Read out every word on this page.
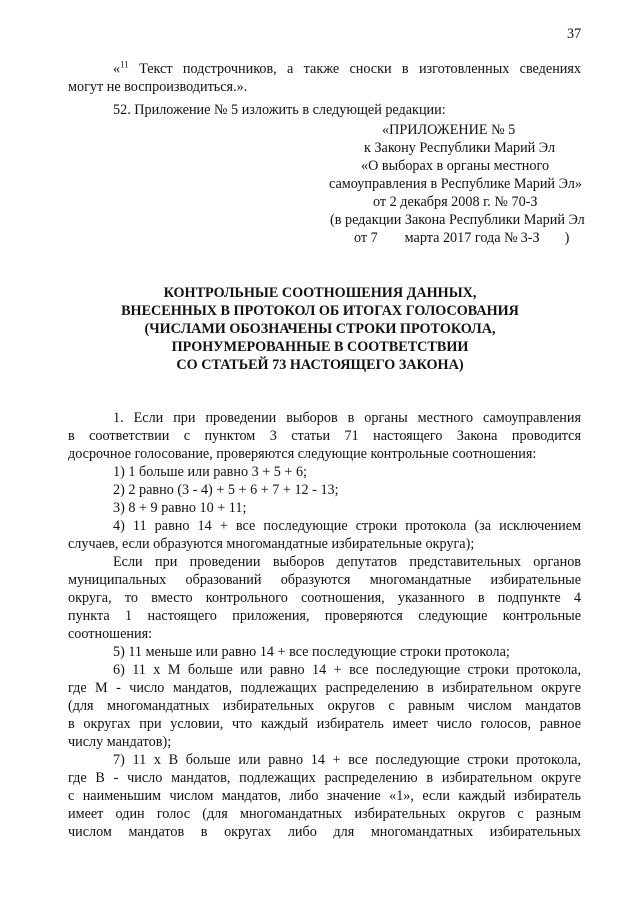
37
«$^{11}$ Текст подстрочников, а также сноски в изготовленных сведениях
могут не воспроизводиться.».
52. Приложение № 5 изложить в следующей редакции:
«ПРИЛОЖЕНИЕ № 5
к Закону Республики Марий Эл
«О выборах в органы местного
самоуправления в Республике Марий Эл»
от 2 декабря 2008 г. № 70-З
(в редакции Закона Республики Марий Эл
от 7 марта 2017 года № 3-З )
КОНТРОЛЬНЫЕ СООТНОШЕНИЯ ДАННЫХ,
ВНЕСЕННЫХ В ПРОТОКОЛ ОБ ИТОГАХ ГОЛОСОВАНИЯ
(ЧИСЛАМИ ОБОЗНАЧЕНЫ СТРОКИ ПРОТОКОЛА,
ПРОНУМЕРОВАННЫЕ В СООТВЕТСТВИИ
СО СТАТЬЕЙ 73 НАСТОЯЩЕГО ЗАКОНА)
1. Если при проведении выборов в органы местного самоуправления
в соответствии с пунктом 3 статьи 71 настоящего Закона проводится
досрочное голосование, проверяются следующие контрольные соотношения:
1) 1 больше или равно 3 + 5 + 6;
2) 2 равно (3 - 4) + 5 + 6 + 7 + 12 - 13;
3) 8 + 9 равно 10 + 11;
4) 11 равно 14 + все последующие строки протокола (за исключением
случаев, если образуются многомандатные избирательные округа);
Если при проведении выборов депутатов представительных органов
муниципальных образований образуются многомандатные избирательные
округа, то вместо контрольного соотношения, указанного в подпункте 4
пункта 1 настоящего приложения, проверяются следующие контрольные
соотношения:
5) 11 меньше или равно 14 + все последующие строки протокола;
6) 11 х М больше или равно 14 + все последующие строки протокола,
где М - число мандатов, подлежащих распределению в избирательном округе
(для многомандатных избирательных округов с равным числом мандатов
в округах при условии, что каждый избиратель имеет число голосов, равное
числу мандатов);
7) 11 х В больше или равно 14 + все последующие строки протокола,
где В - число мандатов, подлежащих распределению в избирательном округе
с наименьшим числом мандатов, либо значение «1», если каждый избиратель
имеет один голос (для многомандатных избирательных округов с разным
числом мандатов в округах либо для многомандатных избирательных
